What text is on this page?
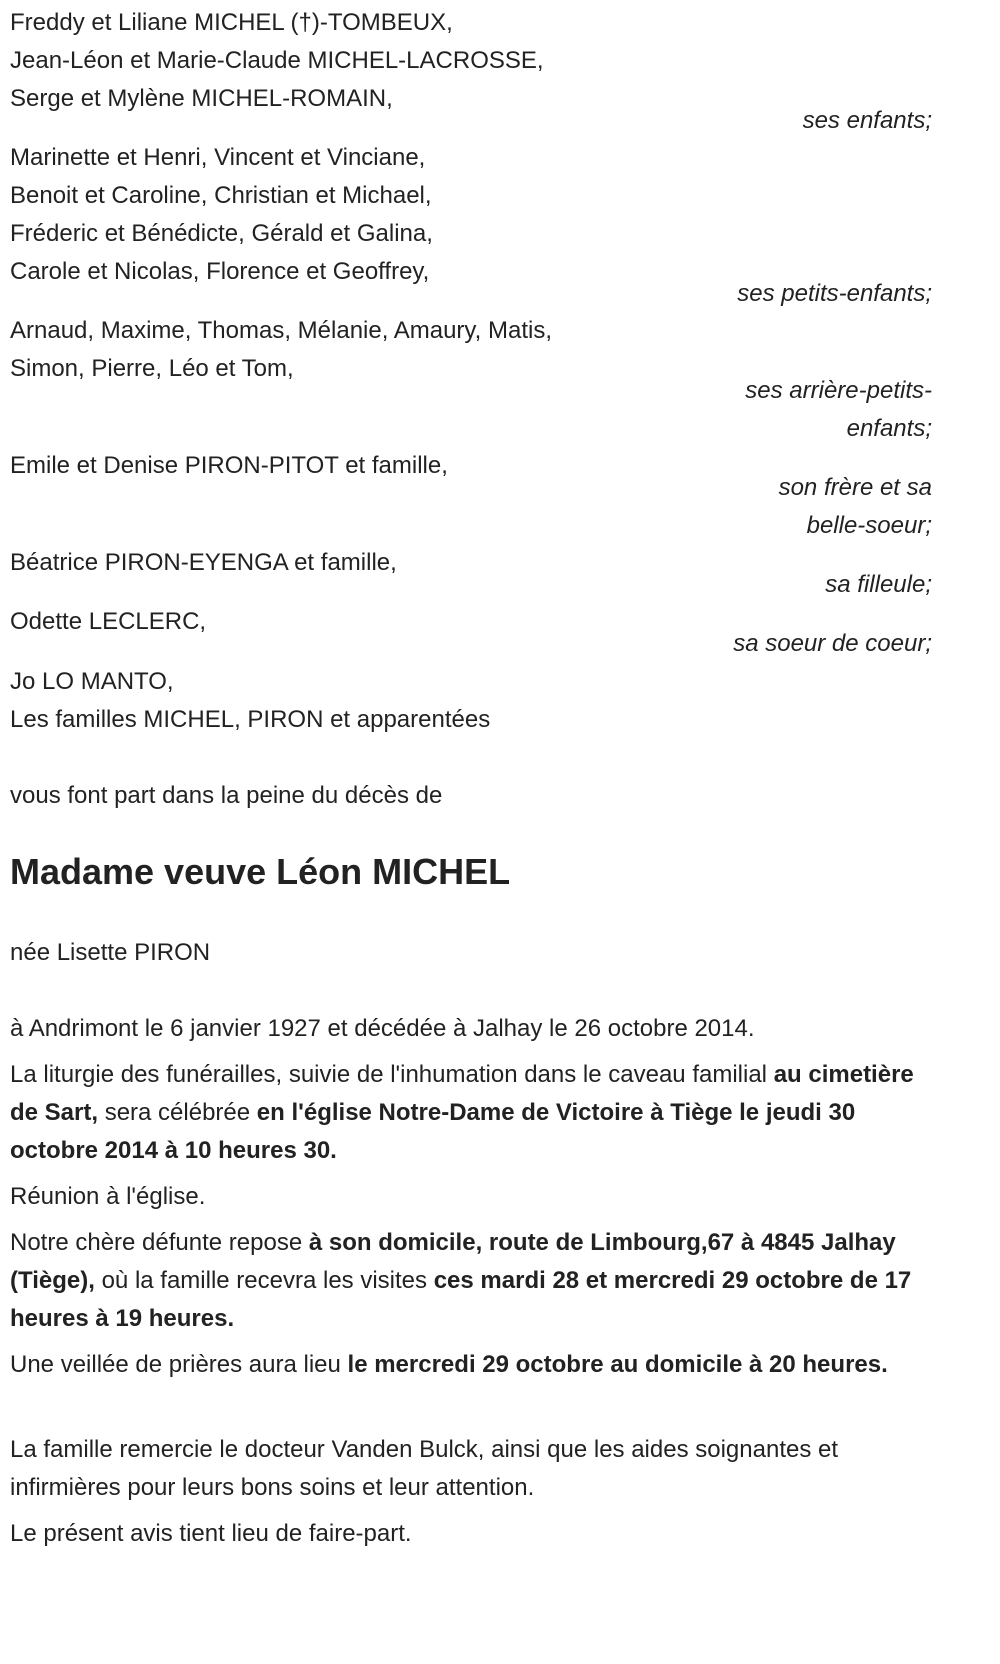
Freddy et Liliane MICHEL (†)-TOMBEUX,
Jean-Léon et Marie-Claude MICHEL-LACROSSE,
Serge et Mylène MICHEL-ROMAIN,
ses enfants;
Marinette et Henri, Vincent et Vinciane,
Benoit et Caroline, Christian et Michael,
Fréderic et Bénédicte, Gérald et Galina,
Carole et Nicolas, Florence et Geoffrey,
ses petits-enfants;
Arnaud, Maxime, Thomas, Mélanie, Amaury, Matis,
Simon, Pierre, Léo et Tom,
ses arrière-petits-
enfants;
Emile et Denise PIRON-PITOT et famille,
son frère et sa
belle-soeur;
Béatrice PIRON-EYENGA et famille,
sa filleule;
Odette LECLERC,
sa soeur de coeur;
Jo LO MANTO,
Les familles MICHEL, PIRON et apparentées
vous font part dans la peine du décès de
née Lisette PIRON
à Andrimont le 6 janvier 1927 et décédée à Jalhay le 26 octobre 2014.
La liturgie des funérailles, suivie de l'inhumation dans le caveau familial au cimetière de Sart, sera célébrée en l'église Notre-Dame de Victoire à Tiège le jeudi 30 octobre 2014 à 10 heures 30.
Réunion à l'église.
Notre chère défunte repose à son domicile, route de Limbourg,67 à 4845 Jalhay (Tiège), où la famille recevra les visites ces mardi 28 et mercredi 29 octobre de 17 heures à 19 heures.
Une veillée de prières aura lieu le mercredi 29 octobre au domicile à 20 heures.
La famille remercie le docteur Vanden Bulck, ainsi que les aides soignantes et infirmières pour leurs bons soins et leur attention.
Le présent avis tient lieu de faire-part.
Madame veuve Léon MICHEL
